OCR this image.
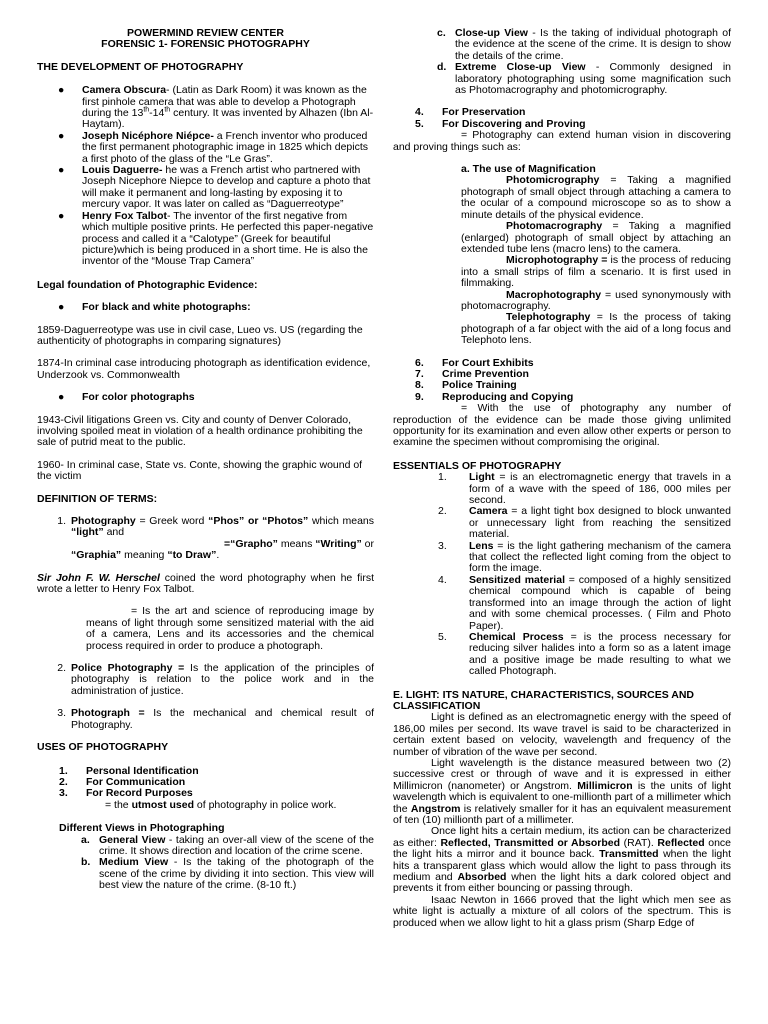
POWERMIND REVIEW CENTER

FORENSIC 1- FORENSIC PHOTOGRAPHY

THE DEVELOPMENT OF PHOTOGRAPHY

●	Camera Obscura- (Latin as Dark Room) it was known as the first pinhole camera that was able to develop a Photograph during the 13th-14th century. It was invented by Alhazen (Ibn Al-Haytam).

●	Joseph Nicéphore Niépce- a French inventor who produced the first permanent photographic image in 1825 which depicts a first photo of the glass of the “Le Gras”.

●	Louis Daguerre- he was a French artist who partnered with Joseph Nicephore Niepce to develop and capture a photo that will make it permanent and long-lasting by exposing it to mercury vapor. It was later on called as “Daguerreotype”

●	Henry Fox Talbot- The inventor of the first negative from which multiple positive prints. He perfected this paper-negative process and called it a “Calotype” (Greek for beautiful picture)which is being produced in a short time. He is also the inventor of the “Mouse Trap Camera”

Legal foundation of Photographic Evidence:

●	For black and white photographs:

1859-Daguerreotype was use in civil case, Lueo vs. US (regarding the authenticity of photographs in comparing signatures)

1874-In criminal case introducing photograph as identification evidence, Underzook vs. Commonwealth

●	For color photographs

1943-Civil litigations Green vs. City and county of Denver Colorado, involving spoiled meat in violation of a health ordinance prohibiting the sale of putrid meat to the public.

1960- In criminal case, State vs. Conte, showing the graphic wound of the victim

DEFINITION OF TERMS:

1. Photography = Greek word “Phos” or “Photos” which means “light” and

=“Grapho” means “Writing” or

“Graphia” meaning “to Draw”.

Sir John F. W. Herschel coined the word photography when he first wrote a letter to Henry Fox Talbot.

= Is the art and science of reproducing image by means of light through some sensitized material with the aid of a camera, Lens and its accessories and the chemical process required in order to produce a photograph.

2. Police Photography = Is the application of the principles of photography is relation to the police work and in the administration of justice.

3. Photograph = Is the mechanical and chemical result of Photography.

USES OF PHOTOGRAPHY

1.	Personal Identification
2.	For Communication
3.	For Record Purposes

= the utmost used of photography in police work.

Different Views in Photographing

a. General View - taking an over-all view of the scene of the crime. It shows direction and location of the crime scene.

b. Medium View - Is the taking of the photograph of the scene of the crime by dividing it into section. This view will best view the nature of the crime. (8-10 ft.)

c. Close-up View - Is the taking of individual photograph of the evidence at the scene of the crime. It is design to show the details of the crime.

d. Extreme Close-up View - Commonly designed in laboratory photographing using some magnification such as Photomacrography and photomicrography.

4.	For Preservation
5.	For Discovering and Proving

= Photography can extend human vision in discovering and proving things such as:

a. The use of Magnification

Photomicrography = Taking a magnified photograph of small object through attaching a camera to the ocular of a compound microscope so as to show a minute details of the physical evidence.

Photomacrography = Taking a magnified (enlarged) photograph of small object by attaching an extended tube lens (macro lens) to the camera.

Microphotography = is the process of reducing into a small strips of film a scenario. It is first used in filmmaking.

Macrophotography = used synonymously with photomacrography.

Telephotography = Is the process of taking photograph of a far object with the aid of a long focus and Telephoto lens.

6.	For Court Exhibits
7.	Crime Prevention
8.	Police Training
9.	Reproducing and Copying

= With the use of photography any number of reproduction of the evidence can be made those giving unlimited opportunity for its examination and even allow other experts or person to examine the specimen without compromising the original.

ESSENTIALS OF PHOTOGRAPHY

1.	Light = is an electromagnetic energy that travels in a form of a wave with the speed of 186, 000 miles per second.

2.	Camera = a light tight box designed to block unwanted or unnecessary light from reaching the sensitized material.

3.	Lens = is the light gathering mechanism of the camera that collect the reflected light coming from the object to form the image.

4.	Sensitized material = composed of a highly sensitized chemical compound which is capable of being transformed into an image through the action of light and with some chemical processes. ( Film and Photo Paper).

5.	Chemical Process = is the process necessary for reducing silver halides into a form so as a latent image and a positive image be made resulting to what we called Photograph.

E. LIGHT: ITS NATURE, CHARACTERISTICS, SOURCES AND CLASSIFICATION

Light is defined as an electromagnetic energy with the speed of 186,00 miles per second. Its wave travel is said to be characterized in certain extent based on velocity, wavelength and frequency of the number of vibration of the wave per second.

Light wavelength is the distance measured between two (2) successive crest or through of wave and it is expressed in either Millimicron (nanometer) or Angstrom. Millimicron is the units of light wavelength which is equivalent to one-millionth part of a millimeter which the Angstrom is relatively smaller for it has an equivalent measurement of ten (10) millionth part of a millimeter.

Once light hits a certain medium, its action can be characterized as either: Reflected, Transmitted or Absorbed (RAT). Reflected once the light hits a mirror and it bounce back. Transmitted when the light hits a transparent glass which would allow the light to pass through its medium and Absorbed when the light hits a dark colored object and prevents it from either bouncing or passing through.

Isaac Newton in 1666 proved that the light which men see as white light is actually a mixture of all colors of the spectrum. This is produced when we allow light to hit a glass prism (Sharp Edge of
